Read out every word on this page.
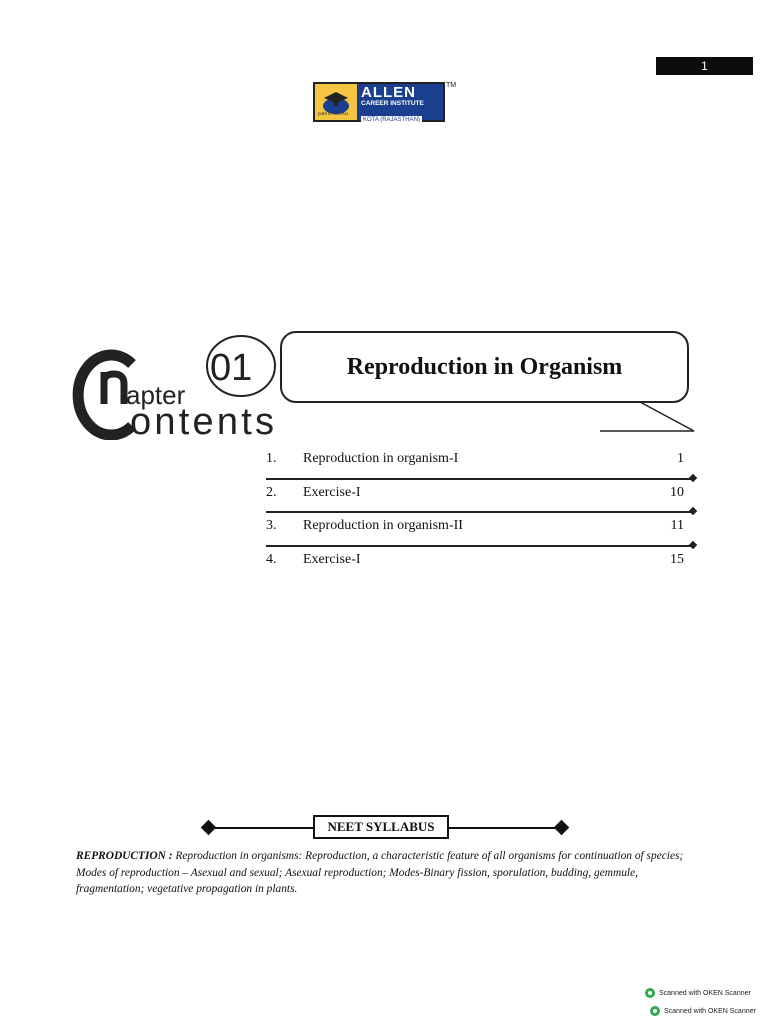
1
path to success
ALLEN
CAREER INSTITUTE
KOTA (RAJASTHAN)
TM
apter
ontents
01	Reproduction in Organism
1. Reproduction in organism-I	1
2. Exercise-I	10
3. Reproduction in organism-II	11
4. Exercise-I	15
NEET SYLLABUS
REPRODUCTION : Reproduction in organisms: Reproduction, a characteristic feature of all organisms for continuation of species; Modes of reproduction – Asexual and sexual; Asexual reproduction; Modes-Binary fission, sporulation, budding, gemmule, fragmentation; vegetative propagation in plants.
Scanned with OKEN Scanner
Scanned with OKEN Scanner
